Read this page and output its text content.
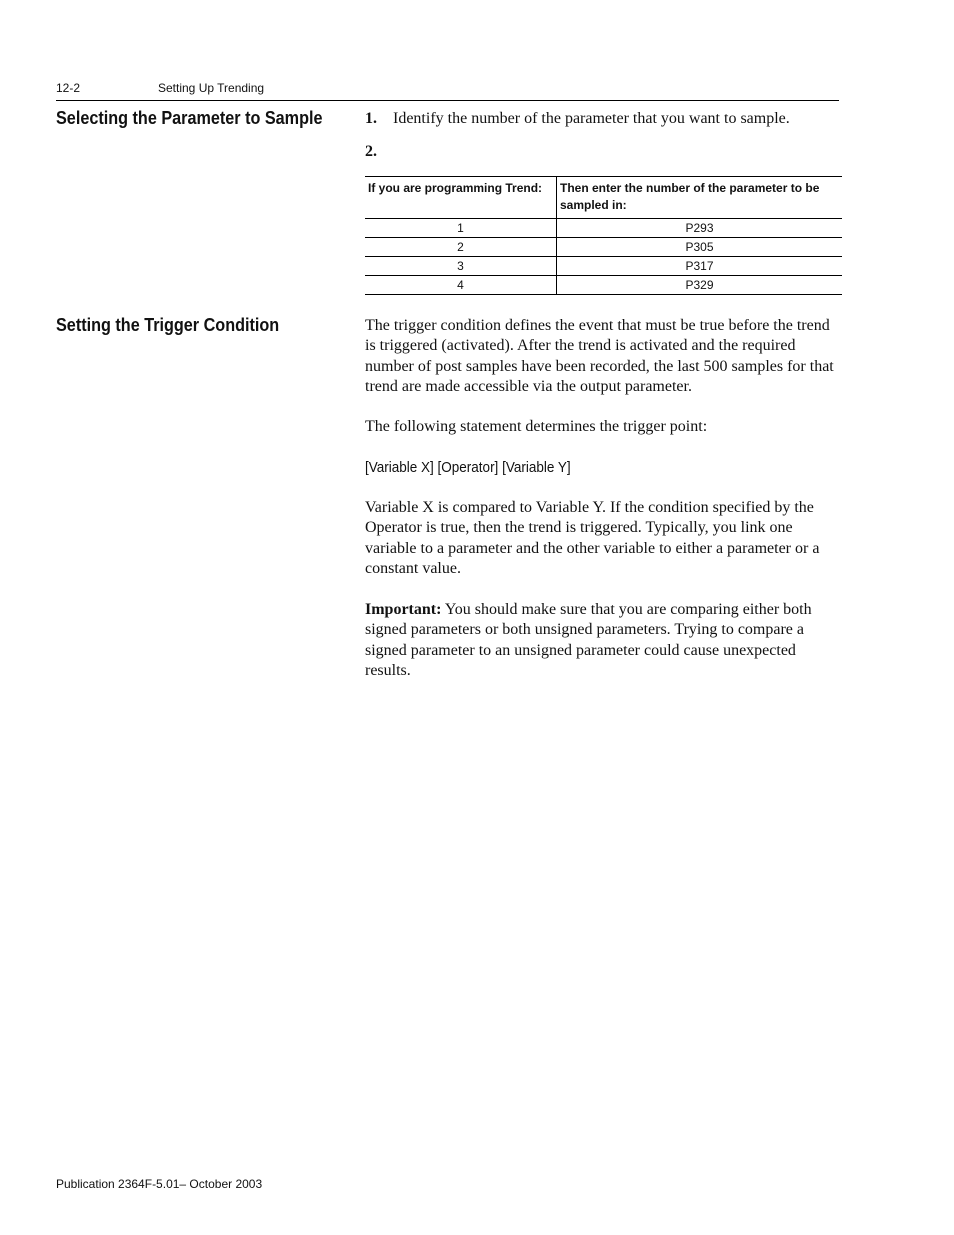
12-2	Setting Up Trending
Selecting the Parameter to Sample	1. Identify the number of the parameter that you want to sample.
2.
If you are programming Trend:	Then enter the number of the parameter to be sampled in:
1	P293
2	P305
3	P317
4	P329
Setting the Trigger Condition	The trigger condition defines the event that must be true before the trend is triggered (activated). After the trend is activated and the required number of post samples have been recorded, the last 500 samples for that trend are made accessible via the output parameter.
The following statement determines the trigger point:
[Variable X] [Operator] [Variable Y]
Variable X is compared to Variable Y. If the condition specified by the Operator is true, then the trend is triggered. Typically, you link one variable to a parameter and the other variable to either a parameter or a constant value.
Important: You should make sure that you are comparing either both signed parameters or both unsigned parameters. Trying to compare a signed parameter to an unsigned parameter could cause unexpected results.
Publication 2364F-5.01– October 2003
